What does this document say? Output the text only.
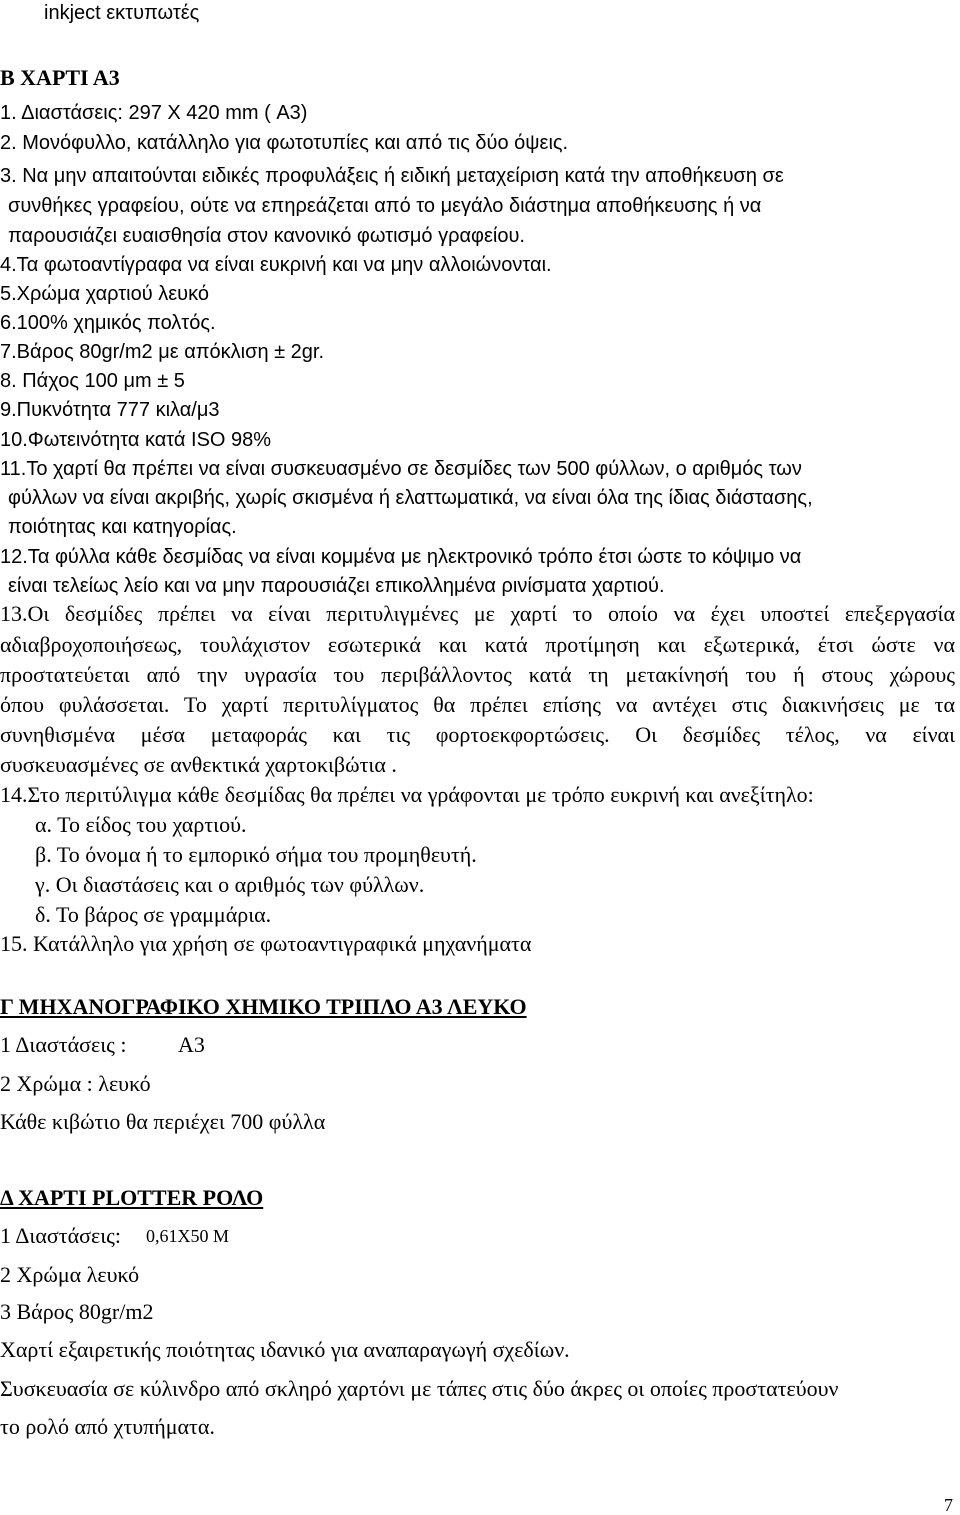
inkject εκτυπωτές

Β ΧΑΡΤΙ Α3

1. Διαστάσεις: 297 Χ 420 mm ( Α3)

2. Μονόφυλλο, κατάλληλο για φωτοτυπίες και από τις δύο όψεις.

3. Να μην απαιτούνται ειδικές προφυλάξεις ή ειδική μεταχείριση κατά την αποθήκευση σε

συνθήκες γραφείου, ούτε να επηρεάζεται από το μεγάλο διάστημα αποθήκευσης ή να

παρουσιάζει ευαισθησία στον κανονικό φωτισμό γραφείου.

4.Τα φωτοαντίγραφα να είναι ευκρινή και να μην αλλοιώνονται.

5.Χρώμα χαρτιού λευκό

6.100% χημικός πολτός.

7.Βάρος 80gr/m2 με απόκλιση ± 2gr.

8. Πάχος 100 μm ± 5

9.Πυκνότητα 777 κιλα/μ3

10.Φωτεινότητα κατά ISO 98%

11.Το χαρτί θα πρέπει να είναι συσκευασμένο σε δεσμίδες των 500 φύλλων, ο αριθμός των

φύλλων να είναι ακριβής, χωρίς σκισμένα ή ελαττωματικά, να είναι όλα της ίδιας διάστασης,

ποιότητας και κατηγορίας.

12.Τα φύλλα κάθε δεσμίδας να είναι κομμένα με ηλεκτρονικό τρόπο έτσι ώστε το κόψιμο να

είναι τελείως λείο και να μην παρουσιάζει επικολλημένα ρινίσματα χαρτιού.

13.Οι δεσμίδες πρέπει να είναι περιτυλιγμένες με χαρτί το οποίο να έχει υποστεί επεξεργασία

αδιαβροχοποιήσεως, τουλάχιστον εσωτερικά και κατά προτίμηση και εξωτερικά, έτσι ώστε να

προστατεύεται από την υγρασία του περιβάλλοντος κατά τη μετακίνησή του ή στους χώρους

όπου φυλάσσεται. Το χαρτί περιτυλίγματος θα πρέπει επίσης να αντέχει στις διακινήσεις με τα

συνηθισμένα μέσα μεταφοράς και τις φορτοεκφορτώσεις. Οι δεσμίδες τέλος, να είναι

συσκευασμένες σε ανθεκτικά χαρτοκιβώτια .

14.Στο περιτύλιγμα κάθε δεσμίδας θα πρέπει να γράφονται με τρόπο ευκρινή και ανεξίτηλο:

α. Το είδος του χαρτιού.

β. Το όνομα ή το εμπορικό σήμα του προμηθευτή.

γ. Οι διαστάσεις και ο αριθμός των φύλλων.

δ. Το βάρος σε γραμμάρια.

15. Κατάλληλο για χρήση σε φωτοαντιγραφικά μηχανήματα

Γ ΜΗΧΑΝΟΓΡΑΦΙΚΟ ΧΗΜΙΚΟ ΤΡΙΠΛΟ Α3 ΛΕΥΚΟ

1 Διαστάσεις : Α3

2 Χρώμα : λευκό

Κάθε κιβώτιο θα περιέχει 700 φύλλα

Δ ΧΑΡΤΙ PLOTTER ΡΟΛΟ

1 Διαστάσεις: 0,61Χ50 Μ

2 Χρώμα λευκό

3 Βάρος 80gr/m2

Χαρτί εξαιρετικής ποιότητας ιδανικό για αναπαραγωγή σχεδίων.

Συσκευασία σε κύλινδρο από σκληρό χαρτόνι με τάπες στις δύο άκρες οι οποίες προστατεύουν

το ρολό από χτυπήματα.

7
